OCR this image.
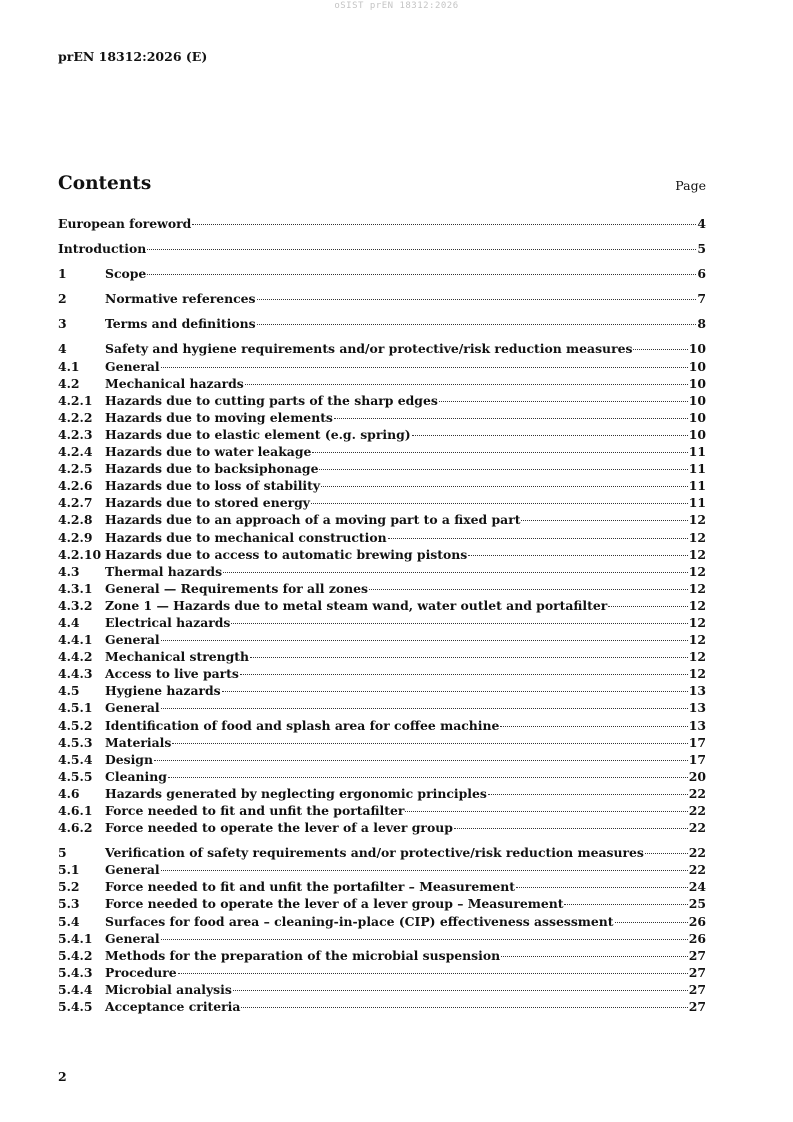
oSIST prEN 18312:2026
prEN 18312:2026 (E)
Contents	Page
European foreword	4
Introduction	5
1	Scope	6
2	Normative references	7
3	Terms and definitions	8
4	Safety and hygiene requirements and/or protective/risk reduction measures	10
4.1	General	10
4.2	Mechanical hazards	10
4.2.1	Hazards due to cutting parts of the sharp edges	10
4.2.2	Hazards due to moving elements	10
4.2.3	Hazards due to elastic element (e.g. spring)	10
4.2.4	Hazards due to water leakage	11
4.2.5	Hazards due to backsiphonage	11
4.2.6	Hazards due to loss of stability	11
4.2.7	Hazards due to stored energy	11
4.2.8	Hazards due to an approach of a moving part to a fixed part	12
4.2.9	Hazards due to mechanical construction	12
4.2.10 Hazards due to access to automatic brewing pistons	12
4.3	Thermal hazards	12
4.3.1	General — Requirements for all zones	12
4.3.2	Zone 1 — Hazards due to metal steam wand, water outlet and portafilter	12
4.4	Electrical hazards	12
4.4.1	General	12
4.4.2	Mechanical strength	12
4.4.3	Access to live parts	12
4.5	Hygiene hazards	13
4.5.1	General	13
4.5.2	Identification of food and splash area for coffee machine	13
4.5.3	Materials	17
4.5.4	Design	17
4.5.5	Cleaning	20
4.6	Hazards generated by neglecting ergonomic principles	22
4.6.1	Force needed to fit and unfit the portafilter	22
4.6.2	Force needed to operate the lever of a lever group	22
5	Verification of safety requirements and/or protective/risk reduction measures	22
5.1	General	22
5.2	Force needed to fit and unfit the portafilter – Measurement	24
5.3	Force needed to operate the lever of a lever group – Measurement	25
5.4	Surfaces for food area – cleaning-in-place (CIP) effectiveness assessment	26
5.4.1	General	26
5.4.2	Methods for the preparation of the microbial suspension	27
5.4.3	Procedure	27
5.4.4	Microbial analysis	27
5.4.5	Acceptance criteria	27
2
